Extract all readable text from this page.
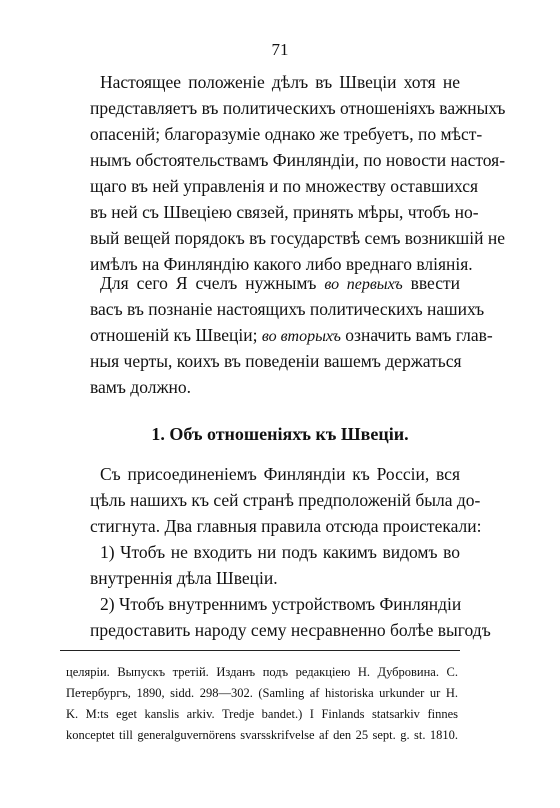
71
Настоящее положеніе дѣлъ въ Швеціи хотя не
представляетъ въ политическихъ отношеніяхъ важныхъ
опасеній; благоразуміе однако же требуетъ, по мѣст-
нымъ обстоятельствамъ Финляндіи, по новости настоя-
щаго въ ней управленія и по множеству оставшихся
въ ней съ Швеціею связей, принять мѣры, чтобъ но-
вый вещей порядокъ въ государствѣ семъ возникшій не
имѣлъ на Финляндію какого либо вреднаго вліянія.
Для сего Я счелъ нужнымъ во первыхъ ввести
васъ въ познаніе настоящихъ политическихъ нашихъ
отношеній къ Швеціи; во вторыхъ означить вамъ глав-
ныя черты, коихъ въ поведеніи вашемъ держаться
вамъ должно.
1. Объ отношеніяхъ къ Швеціи.
Съ присоединеніемъ Финляндіи къ Россіи, вся
цѣль нашихъ къ сей странѣ предположеній была до-
стигнута. Два главныя правила отсюда проистекали:
1) Чтобъ не входить ни подъ какимъ видомъ во
внутреннія дѣла Швеціи.
2) Чтобъ внутреннимъ устройствомъ Финляндіи
предоставить народу сему несравненно болѣе выгодъ
целяріи. Выпускъ третій. Изданъ подъ редакціею Н. Дубровина. С.
Петербургъ, 1890, sidd. 298—302. (Samling af historiska urkunder ur H.
K. M:ts eget kanslis arkiv. Tredje bandet.) I Finlands statsarkiv finnes
konceptet till generalguvernörens svarsskrifvelse af den 25 sept. g. st. 1810.
